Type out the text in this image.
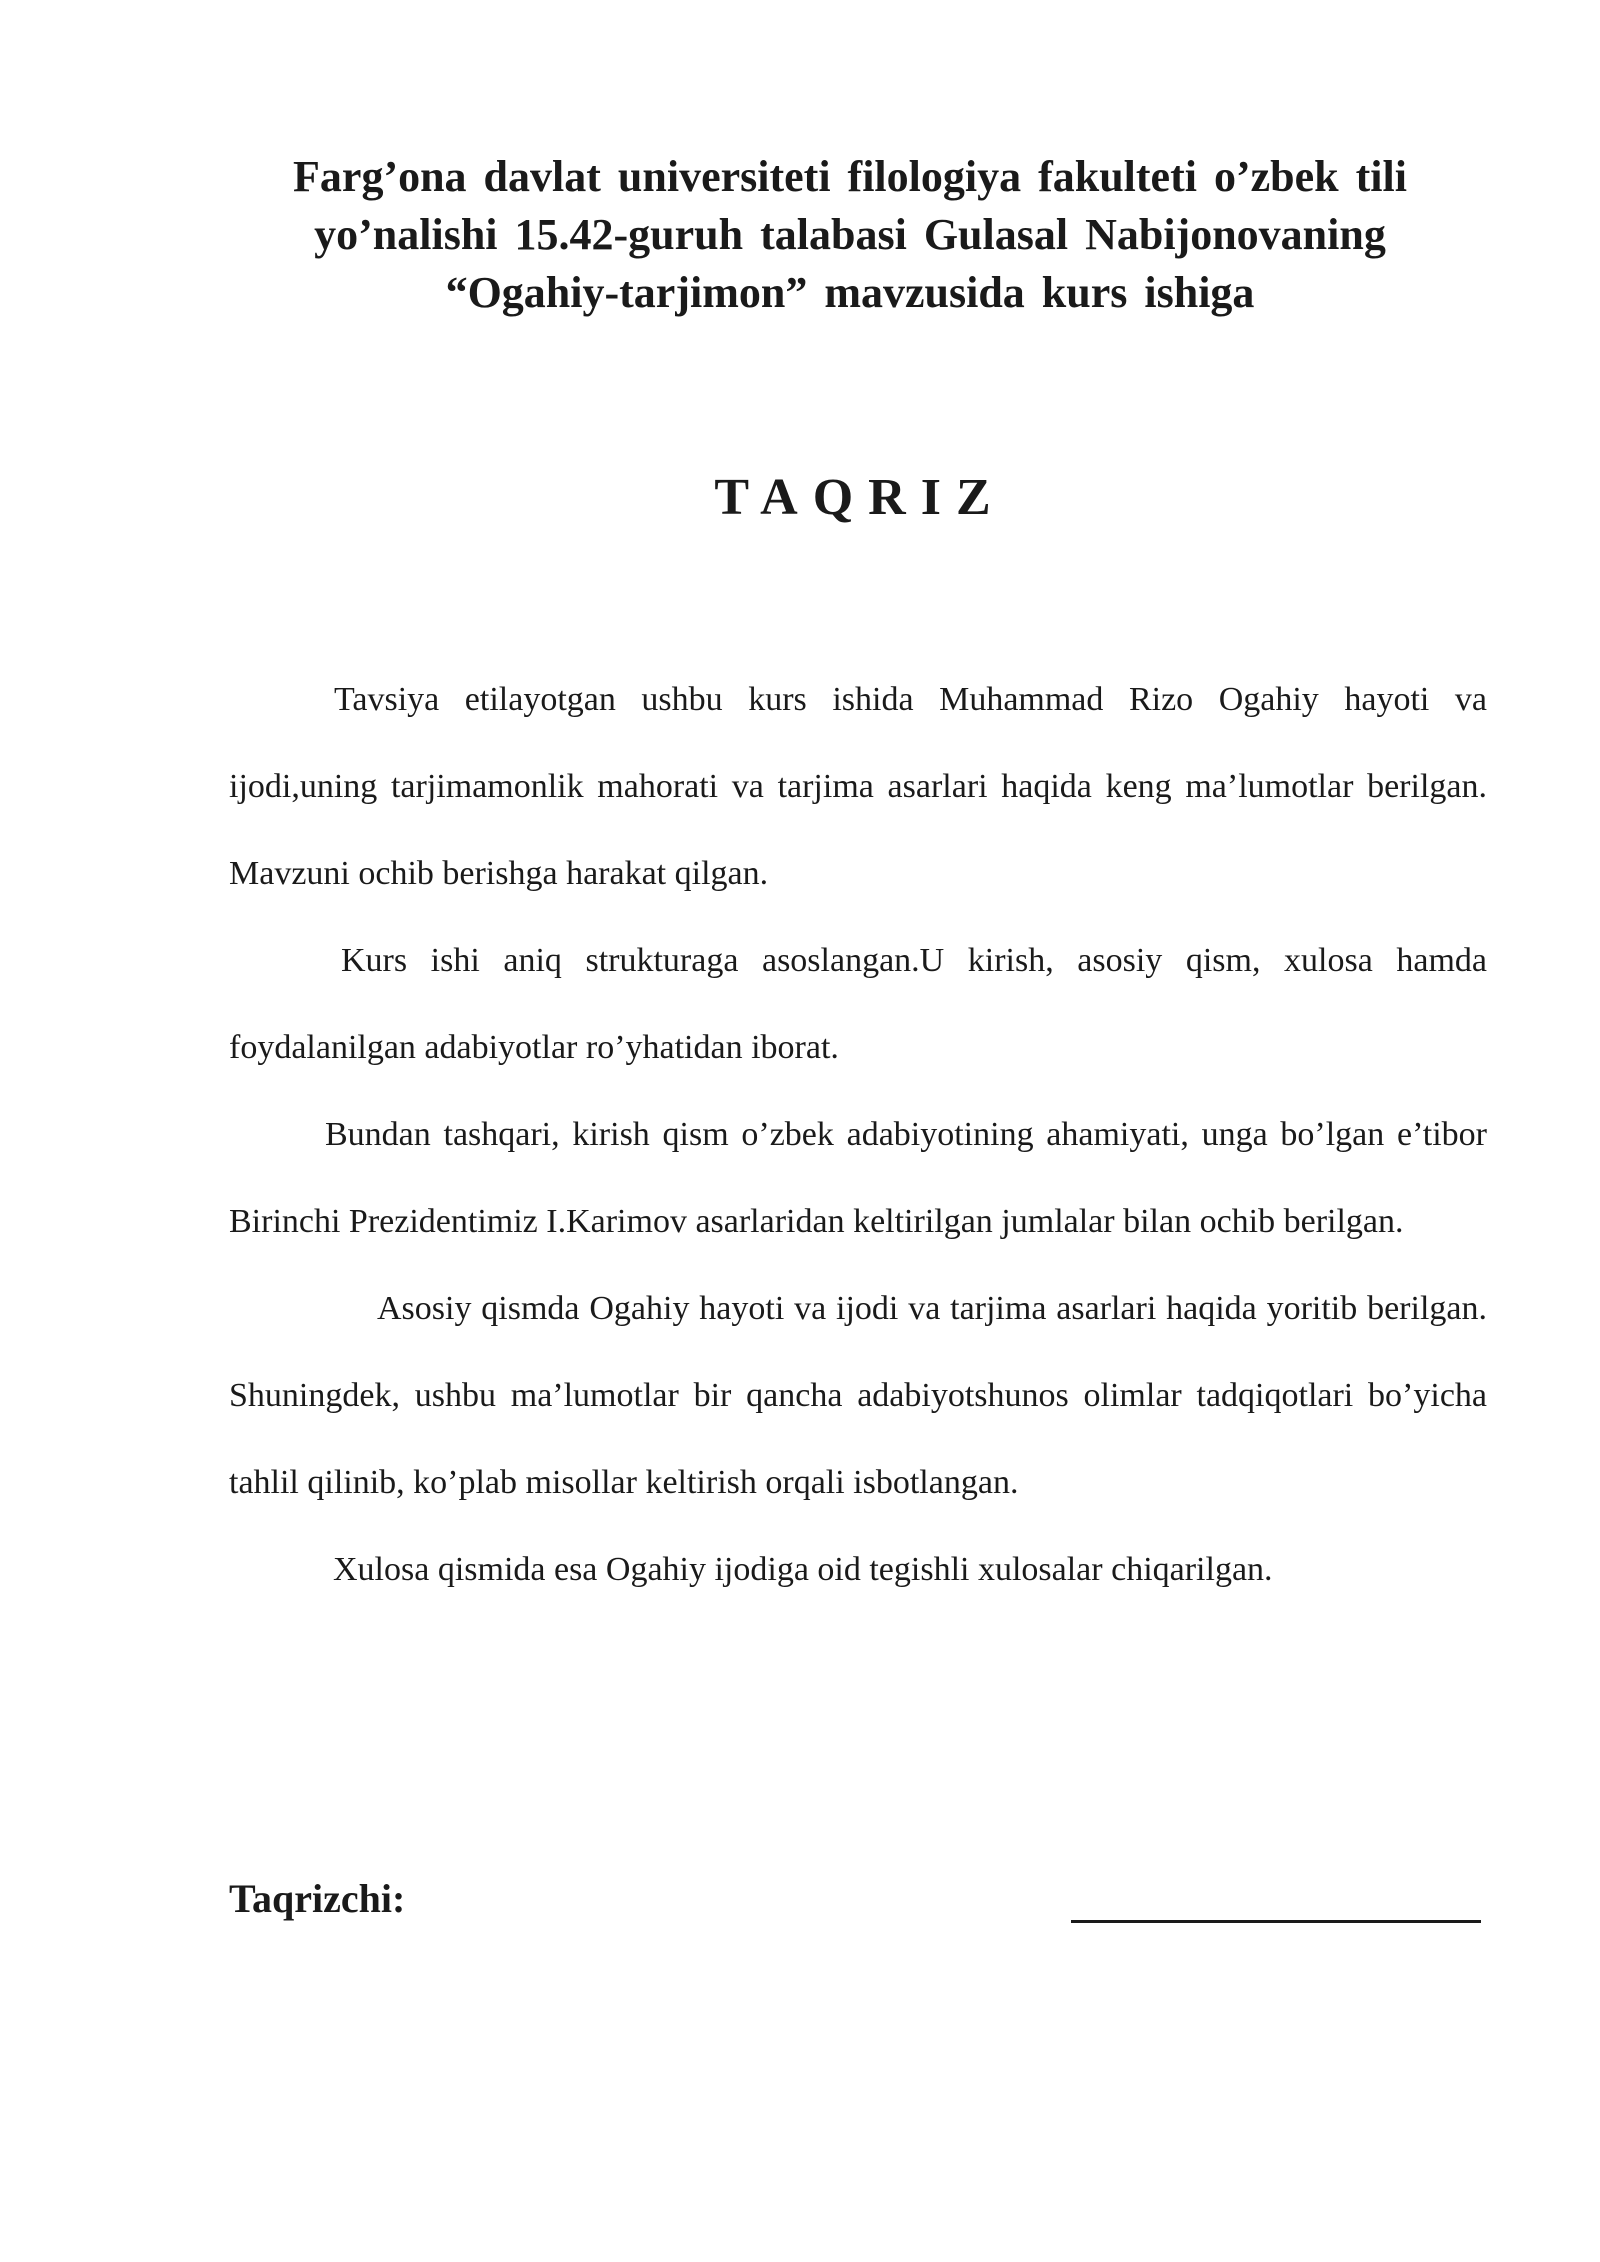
Farg’ona davlat universiteti filologiya fakulteti o’zbek tili
yo’nalishi 15.42-guruh talabasi Gulasal Nabijonovaning
“Ogahiy-tarjimon” mavzusida kurs ishiga
TAQRIZ

Tavsiya etilayotgan ushbu kurs ishida Muhammad Rizo Ogahiy hayoti va ijodi,uning tarjimamonlik mahorati va tarjima asarlari haqida keng ma’lumotlar berilgan. Mavzuni ochib berishga harakat qilgan.

Kurs ishi aniq strukturaga asoslangan.U kirish, asosiy qism, xulosa hamda foydalanilgan adabiyotlar ro’yhatidan iborat.

Bundan tashqari, kirish qism o’zbek adabiyotining ahamiyati, unga bo’lgan e’tibor Birinchi Prezidentimiz I.Karimov asarlaridan keltirilgan jumlalar bilan ochib berilgan.

Asosiy qismda Ogahiy hayoti va ijodi va tarjima asarlari haqida yoritib berilgan. Shuningdek, ushbu ma’lumotlar bir qancha adabiyotshunos olimlar tadqiqotlari bo’yicha tahlil qilinib, ko’plab misollar keltirish orqali isbotlangan.

Xulosa qismida esa Ogahiy ijodiga oid tegishli xulosalar chiqarilgan.

Taqrizchi:
